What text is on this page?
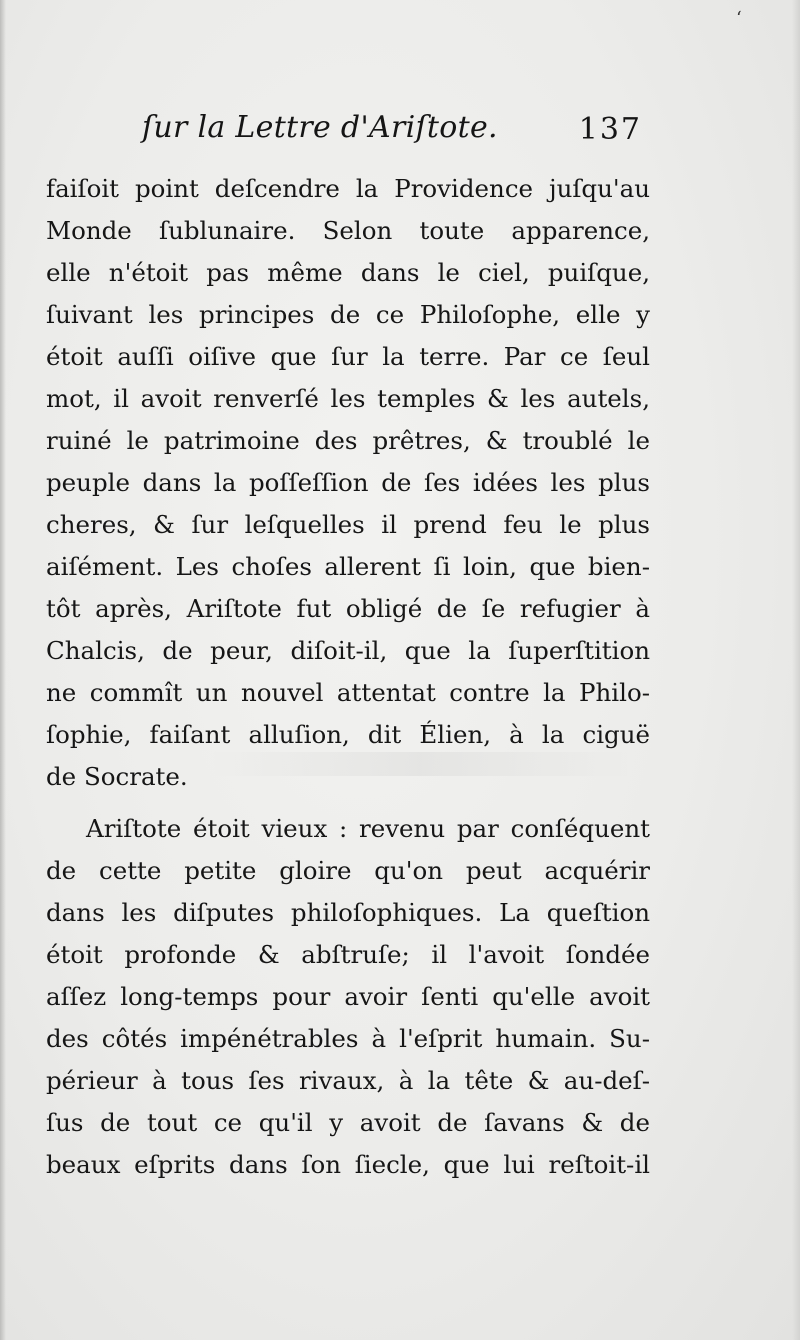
‘
ſur la Lettre d'Ariſtote.	137
faiſoit point deſcendre la Providence juſqu'au
Monde ſublunaire. Selon toute apparence,
elle n'étoit pas même dans le ciel, puiſque,
ſuivant les principes de ce Philoſophe, elle y
étoit auſſi oiſive que ſur la terre. Par ce ſeul
mot, il avoit renverſé les temples & les autels,
ruiné le patrimoine des prêtres, & troublé le
peuple dans la poſſeſſion de ſes idées les plus
cheres, & ſur leſquelles il prend feu le plus
aiſément. Les choſes allerent ſi loin, que bien-
tôt après, Ariſtote fut obligé de ſe refugier à
Chalcis, de peur, diſoit-il, que la ſuperſtition
ne commît un nouvel attentat contre la Philo-
ſophie, faiſant alluſion, dit Élien, à la ciguë
de Socrate.
Ariſtote étoit vieux : revenu par conſéquent
de cette petite gloire qu'on peut acquérir
dans les diſputes philoſophiques. La queſtion
étoit profonde & abſtruſe; il l'avoit ſondée
aſſez long-temps pour avoir ſenti qu'elle avoit
des côtés impénétrables à l'eſprit humain. Su-
périeur à tous ſes rivaux, à la tête & au-deſ-
ſus de tout ce qu'il y avoit de ſavans & de
beaux eſprits dans ſon ſiecle, que lui reſtoit-il
